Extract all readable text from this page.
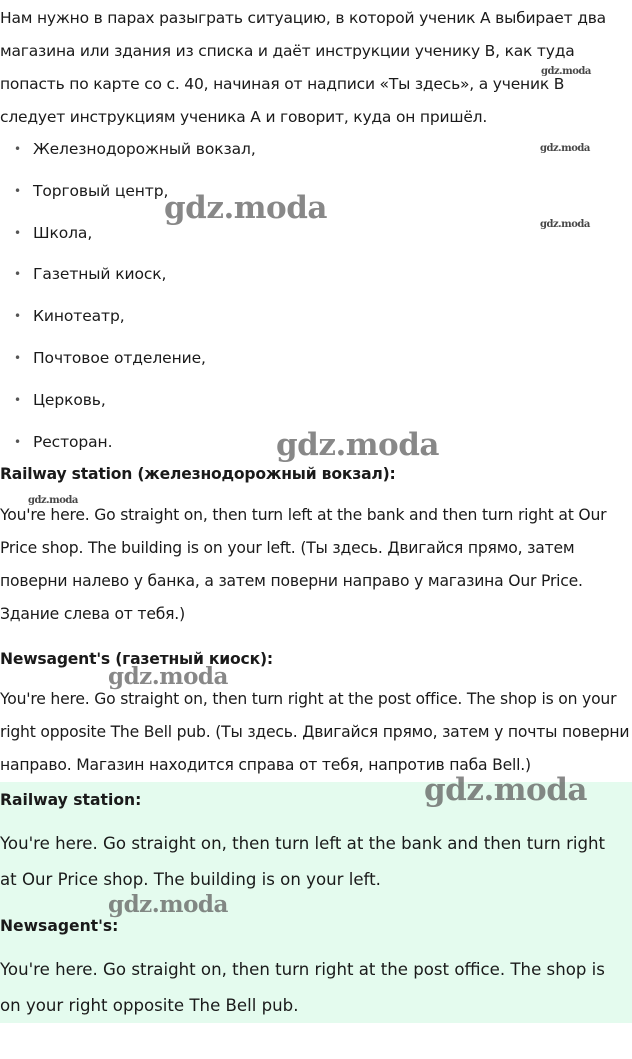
Нам нужно в парах разыграть ситуацию, в которой ученик A выбирает два магазина или здания из списка и даёт инструкции ученику B, как туда попасть по карте со с. 40, начиная от надписи «Ты здесь», а ученик B следует инструкциям ученика A и говорит, куда он пришёл.
• Железнодорожный вокзал,
• Торговый центр,
• Школа,
• Газетный киоск,
• Кинотеатр,
• Почтовое отделение,
• Церковь,
• Ресторан.
Railway station (железнодорожный вокзал):
You're here. Go straight on, then turn left at the bank and then turn right at Our Price shop. The building is on your left. (Ты здесь. Двигайся прямо, затем поверни налево у банка, а затем поверни направо у магазина Our Price. Здание слева от тебя.)
Newsagent's (газетный киоск):
You're here. Go straight on, then turn right at the post office. The shop is on your right opposite The Bell pub. (Ты здесь. Двигайся прямо, затем у почты поверни направо. Магазин находится справа от тебя, напротив паба Bell.)
Railway station:
You're here. Go straight on, then turn left at the bank and then turn right at Our Price shop. The building is on your left.
Newsagent's:
You're here. Go straight on, then turn right at the post office. The shop is on your right opposite The Bell pub.
gdz.moda
gdz.moda
gdz.moda
gdz.moda
gdz.moda
gdz.moda
gdz.moda
gdz.moda
gdz.moda
